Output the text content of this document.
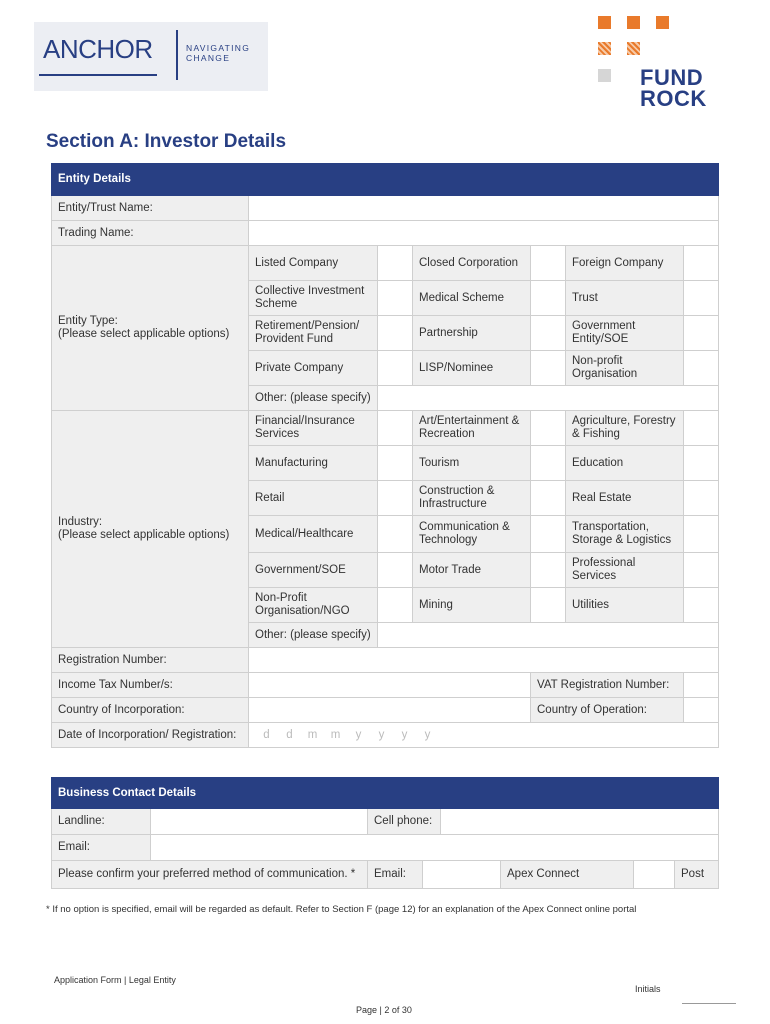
ANCHOR	NAVIGATING
CHANGE
FUND
ROCK
Section A: Investor Details
Entity Details						
Entity/Trust Name:						
Trading Name:						

Entity Type:
(Please select applicable options)	Listed Company		Closed Corporation		Foreign Company	
	Collective Investment Scheme		Medical Scheme		Trust	
	Retirement/Pension/ Provident Fund		Partnership		Government Entity/SOE	
	Private Company		LISP/Nominee		Non-profit Organisation	
	Other: (please specify)					

Industry:
(Please select applicable options)	Financial/Insurance Services		Art/Entertainment & Recreation		Agriculture, Forestry & Fishing	
	Manufacturing		Tourism		Education	
	Retail		Construction & Infrastructure		Real Estate	
	Medical/Healthcare		Communication & Technology		Transportation, Storage & Logistics	
	Government/SOE		Motor Trade		Professional Services	
	Non-Profit Organisation/NGO		Mining		Utilities	
	Other: (please specify)					
Registration Number:						
Income Tax Number/s:				VAT Registration Number:		
Country of Incorporation:				Country of Operation:		
Date of Incorporation/ Registration:	d d m m y y y y					
Business Contact Details							
Landline:		Cell phone:					
Email:							
Please confirm your preferred method of communication. *		Email:			Apex Connect		Post
* If no option is specified, email will be regarded as default. Refer to Section F (page 12) for an explanation of the Apex Connect online portal
Application Form | Legal Entity
Initials
Page | 2 of 30
